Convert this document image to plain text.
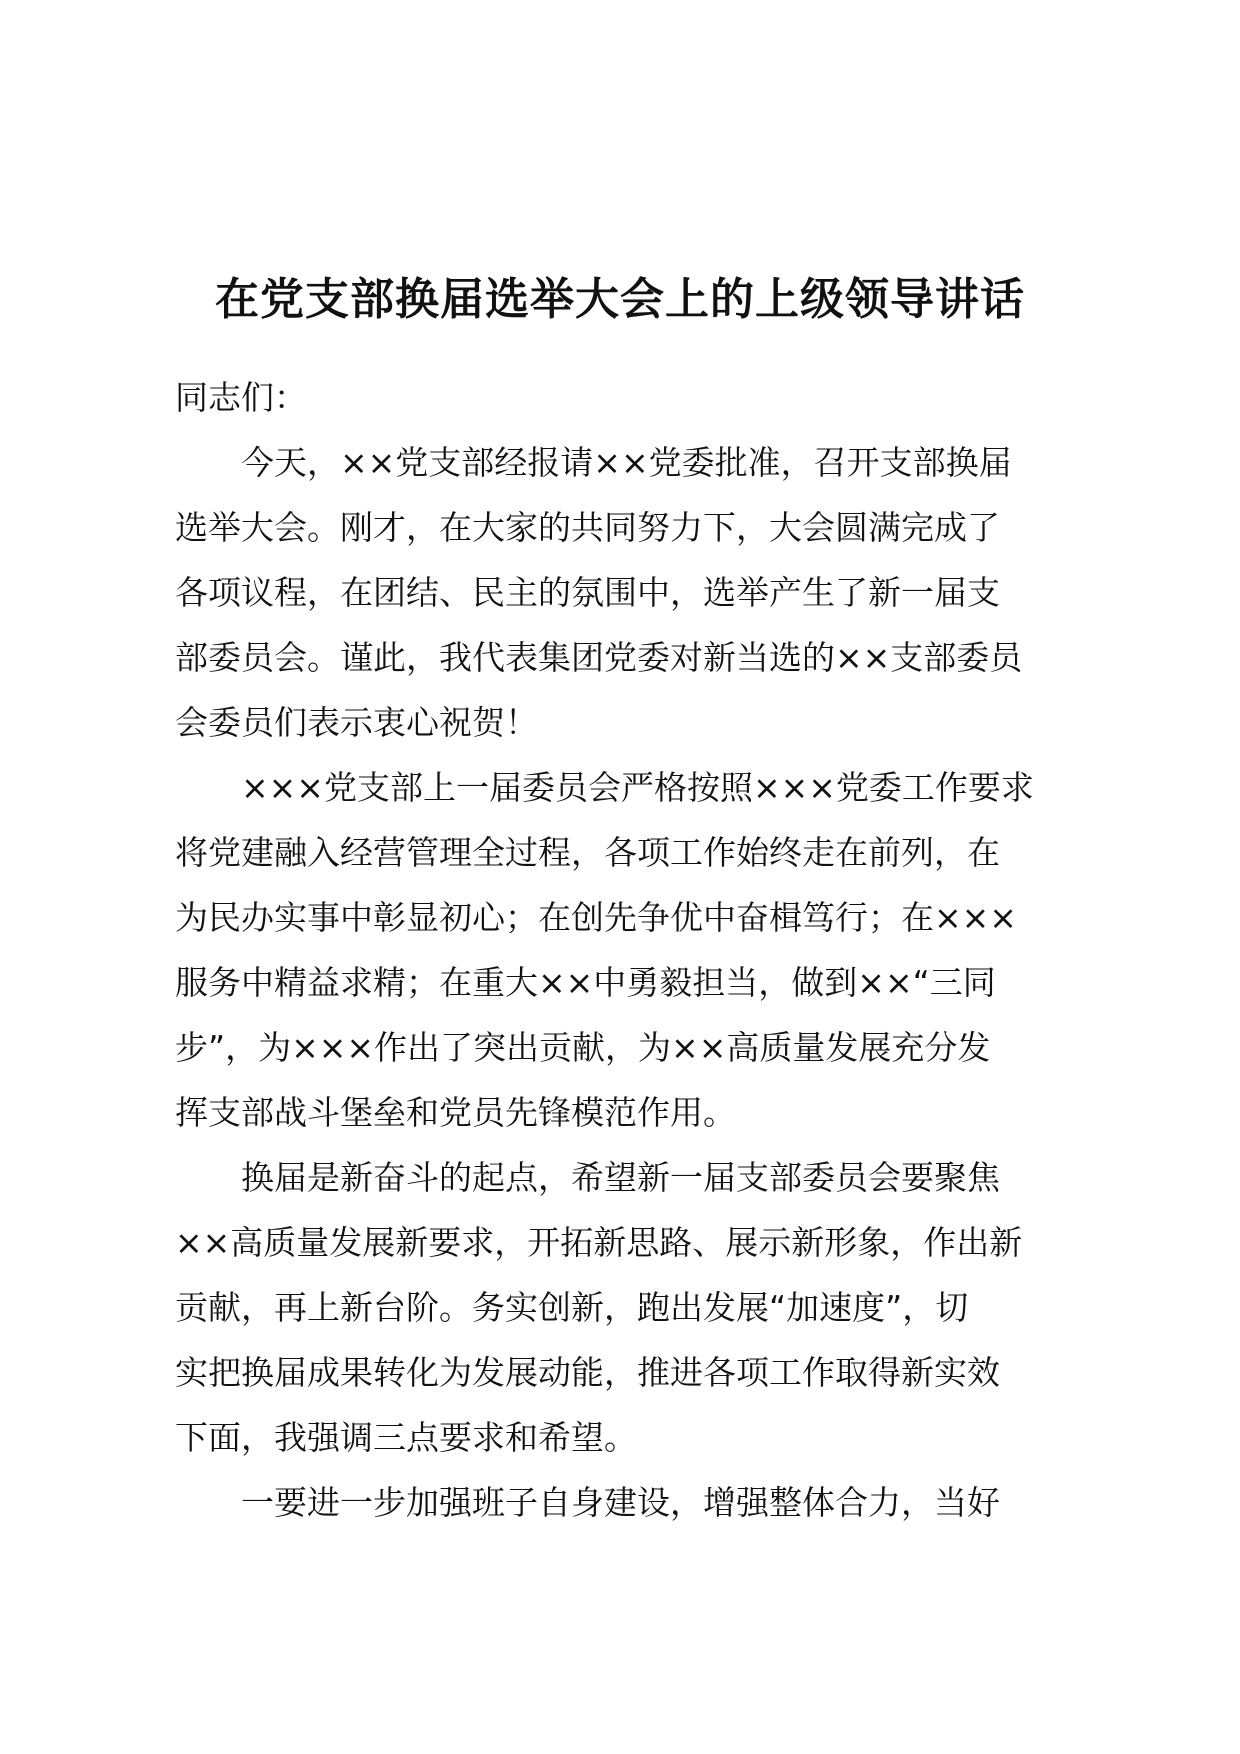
在党支部换届选举大会上的上级领导讲话
同志们：
今天，××党支部经报请××党委批准，召开支部换届
选举大会。刚才，在大家的共同努力下，大会圆满完成了
各项议程，在团结、民主的氛围中，选举产生了新一届支
部委员会。谨此，我代表集团党委对新当选的××支部委员
会委员们表示衷心祝贺！
×××党支部上一届委员会严格按照×××党委工作要求
将党建融入经营管理全过程，各项工作始终走在前列，在
为民办实事中彰显初心；在创先争优中奋楫笃行；在×××
服务中精益求精；在重大××中勇毅担当，做到××“三同
步”，为×××作出了突出贡献，为××高质量发展充分发
挥支部战斗堡垒和党员先锋模范作用。
换届是新奋斗的起点，希望新一届支部委员会要聚焦
××高质量发展新要求，开拓新思路、展示新形象，作出新
贡献，再上新台阶。务实创新，跑出发展“加速度”，切
实把换届成果转化为发展动能，推进各项工作取得新实效
下面，我强调三点要求和希望。
一要进一步加强班子自身建设，增强整体合力，当好
